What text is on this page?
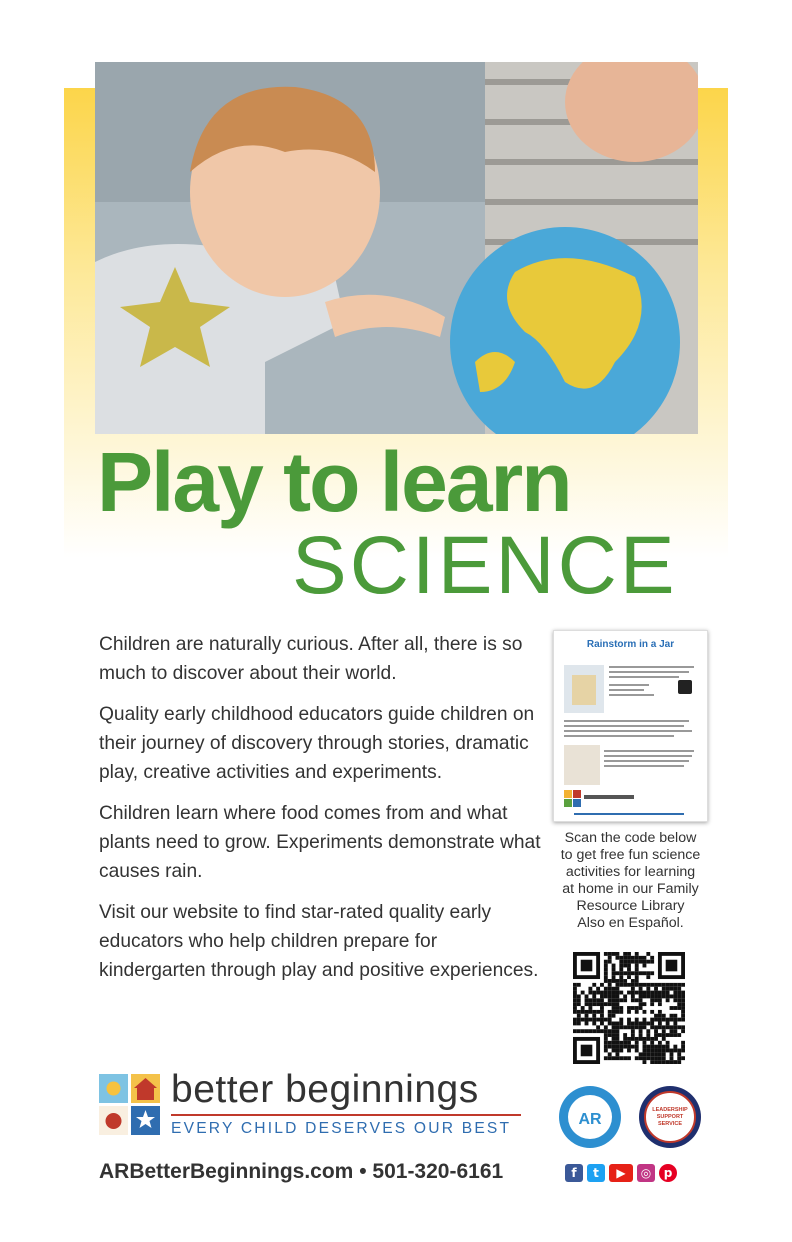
Play to learn
SCIENCE

Children are naturally curious. After all, there is so much to discover about their world.

Quality early childhood educators guide children on their journey of discovery through stories, dramatic play, creative activities and experiments.

Children learn where food comes from and what plants need to grow. Experiments demonstrate what causes rain.

Visit our website to find star-rated quality early educators who help children prepare for kindergarten through play and positive experiences.

Rainstorm in a Jar
Scan the code below
to get free fun science
activities for learning
at home in our Family
Resource Library
Also en Español.
better beginnings
EVERY CHILD DESERVES OUR BEST
ARBetterBeginnings.com • 501-320-6161
AR
LEADERSHIP
SUPPORT
SERVICE
f	t	▶	◎	p
